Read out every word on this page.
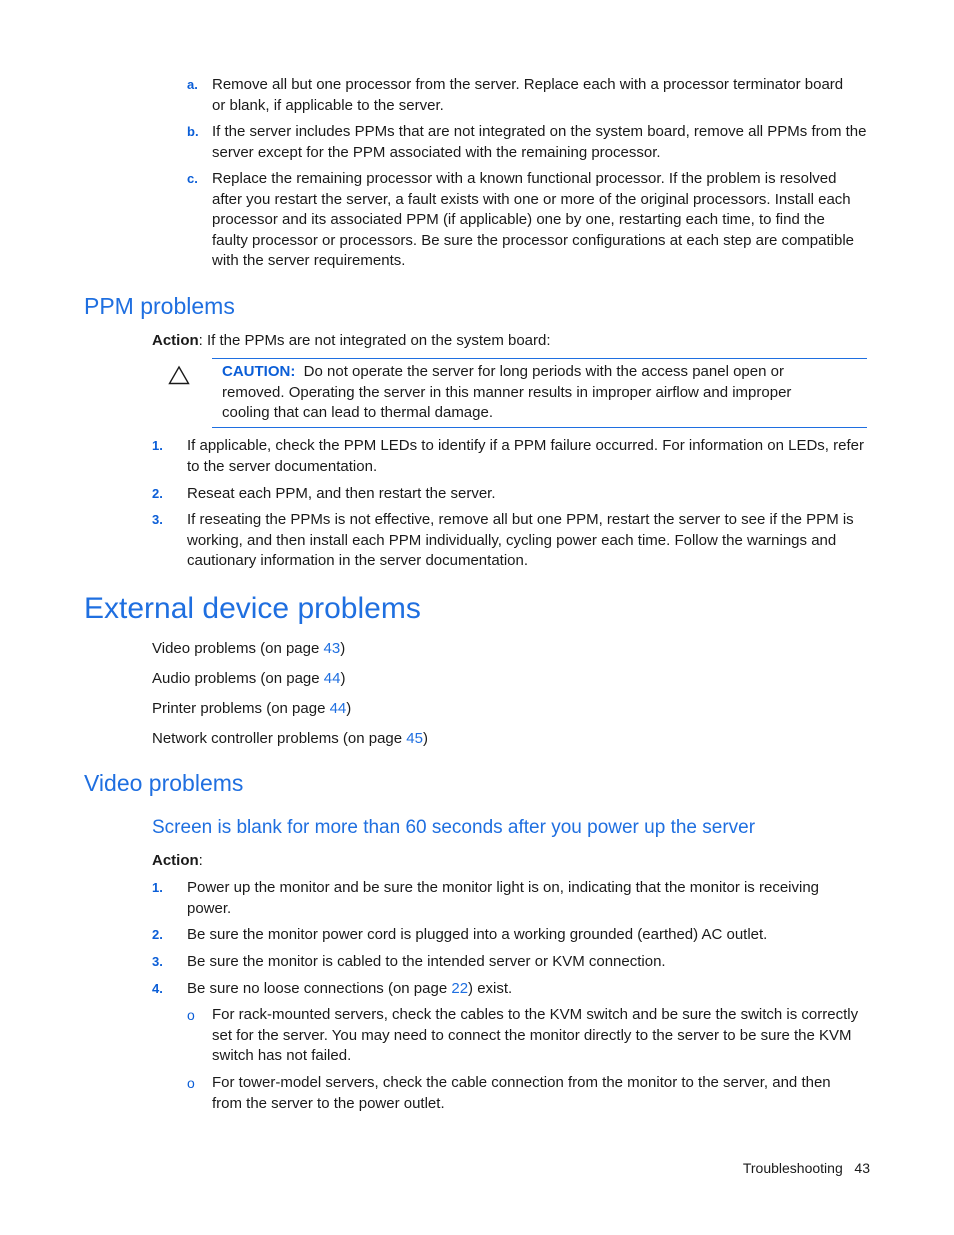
a. Remove all but one processor from the server. Replace each with a processor terminator board
or blank, if applicable to the server.
b. If the server includes PPMs that are not integrated on the system board, remove all PPMs from the
server except for the PPM associated with the remaining processor.
c. Replace the remaining processor with a known functional processor. If the problem is resolved
after you restart the server, a fault exists with one or more of the original processors. Install each
processor and its associated PPM (if applicable) one by one, restarting each time, to find the
faulty processor or processors. Be sure the processor configurations at each step are compatible
with the server requirements.
PPM problems
Action: If the PPMs are not integrated on the system board:
CAUTION: Do not operate the server for long periods with the access panel open or
removed. Operating the server in this manner results in improper airflow and improper
cooling that can lead to thermal damage.
1. If applicable, check the PPM LEDs to identify if a PPM failure occurred. For information on LEDs, refer
to the server documentation.
2. Reseat each PPM, and then restart the server.
3. If reseating the PPMs is not effective, remove all but one PPM, restart the server to see if the PPM is
working, and then install each PPM individually, cycling power each time. Follow the warnings and
cautionary information in the server documentation.
External device problems
Video problems (on page 43)
Audio problems (on page 44)
Printer problems (on page 44)
Network controller problems (on page 45)
Video problems
Screen is blank for more than 60 seconds after you power up the server
Action:
1. Power up the monitor and be sure the monitor light is on, indicating that the monitor is receiving
power.
2. Be sure the monitor power cord is plugged into a working grounded (earthed) AC outlet.
3. Be sure the monitor is cabled to the intended server or KVM connection.
4. Be sure no loose connections (on page 22) exist.
o For rack-mounted servers, check the cables to the KVM switch and be sure the switch is correctly
set for the server. You may need to connect the monitor directly to the server to be sure the KVM
switch has not failed.
o For tower-model servers, check the cable connection from the monitor to the server, and then
from the server to the power outlet.
Troubleshooting 43
